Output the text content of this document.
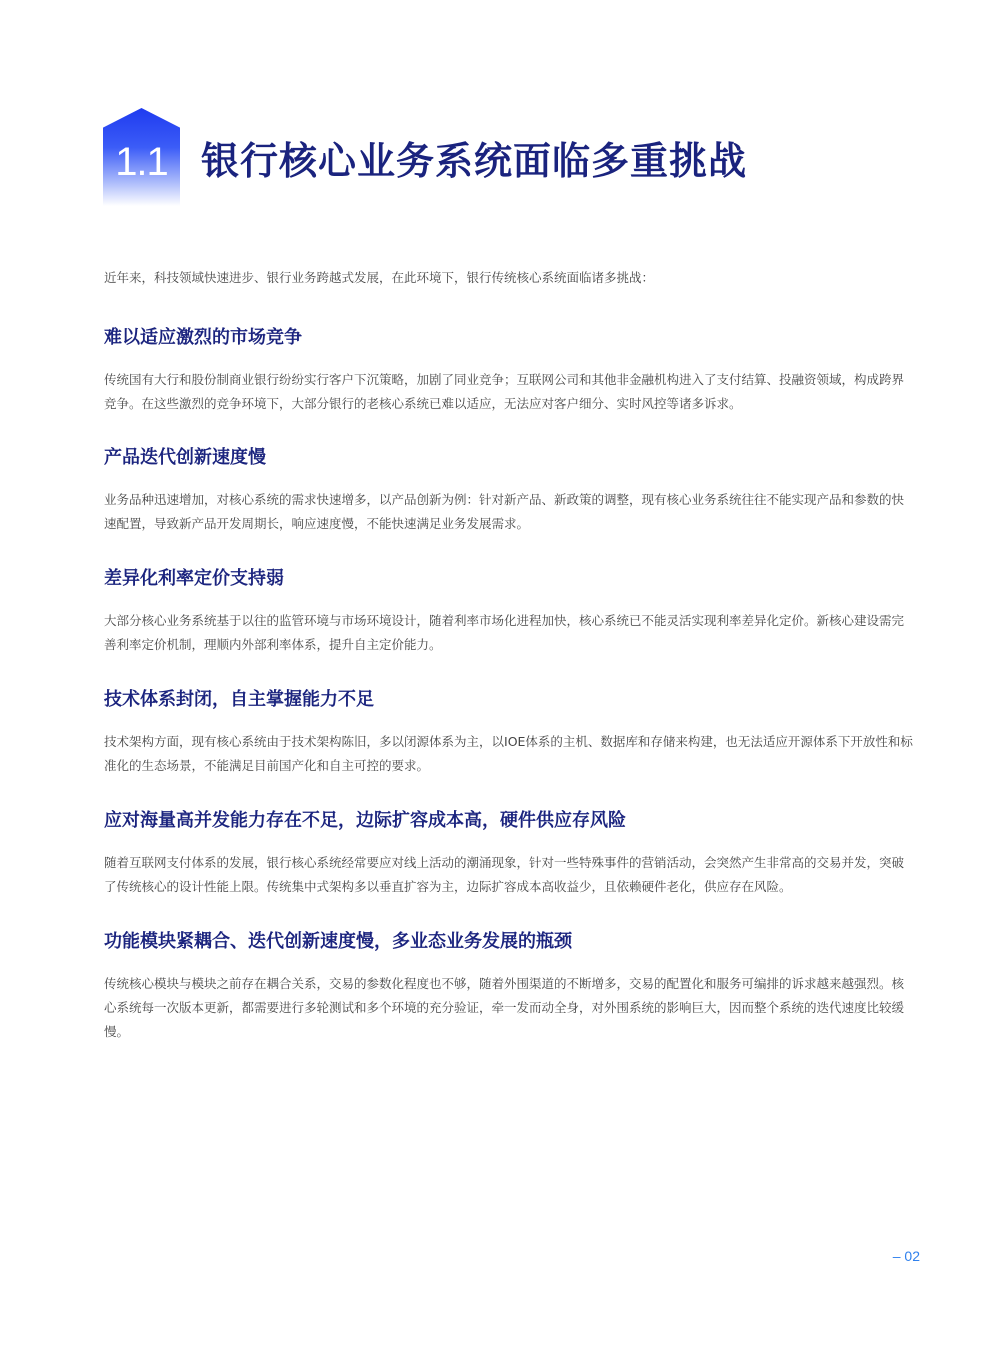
1.1 银行核心业务系统面临多重挑战

近年来，科技领域快速进步、银行业务跨越式发展，在此环境下，银行传统核心系统面临诸多挑战：

难以适应激烈的市场竞争

传统国有大行和股份制商业银行纷纷实行客户下沉策略，加剧了同业竞争；互联网公司和其他非金融机构进入了支付结算、投融资领域，构成跨界竞争。在这些激烈的竞争环境下，大部分银行的老核心系统已难以适应，无法应对客户细分、实时风控等诸多诉求。

产品迭代创新速度慢

业务品种迅速增加，对核心系统的需求快速增多，以产品创新为例：针对新产品、新政策的调整，现有核心业务系统往往不能实现产品和参数的快速配置，导致新产品开发周期长，响应速度慢，不能快速满足业务发展需求。

差异化利率定价支持弱

大部分核心业务系统基于以往的监管环境与市场环境设计，随着利率市场化进程加快，核心系统已不能灵活实现利率差异化定价。新核心建设需完善利率定价机制，理顺内外部利率体系，提升自主定价能力。

技术体系封闭，自主掌握能力不足

技术架构方面，现有核心系统由于技术架构陈旧，多以闭源体系为主，以IOE体系的主机、数据库和存储来构建，也无法适应开源体系下开放性和标准化的生态场景，不能满足目前国产化和自主可控的要求。

应对海量高并发能力存在不足，边际扩容成本高，硬件供应存风险

随着互联网支付体系的发展，银行核心系统经常要应对线上活动的潮涌现象，针对一些特殊事件的营销活动，会突然产生非常高的交易并发，突破了传统核心的设计性能上限。传统集中式架构多以垂直扩容为主，边际扩容成本高收益少，且依赖硬件老化，供应存在风险。

功能模块紧耦合、迭代创新速度慢，多业态业务发展的瓶颈

传统核心模块与模块之前存在耦合关系，交易的参数化程度也不够，随着外围渠道的不断增多，交易的配置化和服务可编排的诉求越来越强烈。核心系统每一次版本更新，都需要进行多轮测试和多个环境的充分验证，牵一发而动全身，对外围系统的影响巨大，因而整个系统的迭代速度比较缓慢。

– 02
